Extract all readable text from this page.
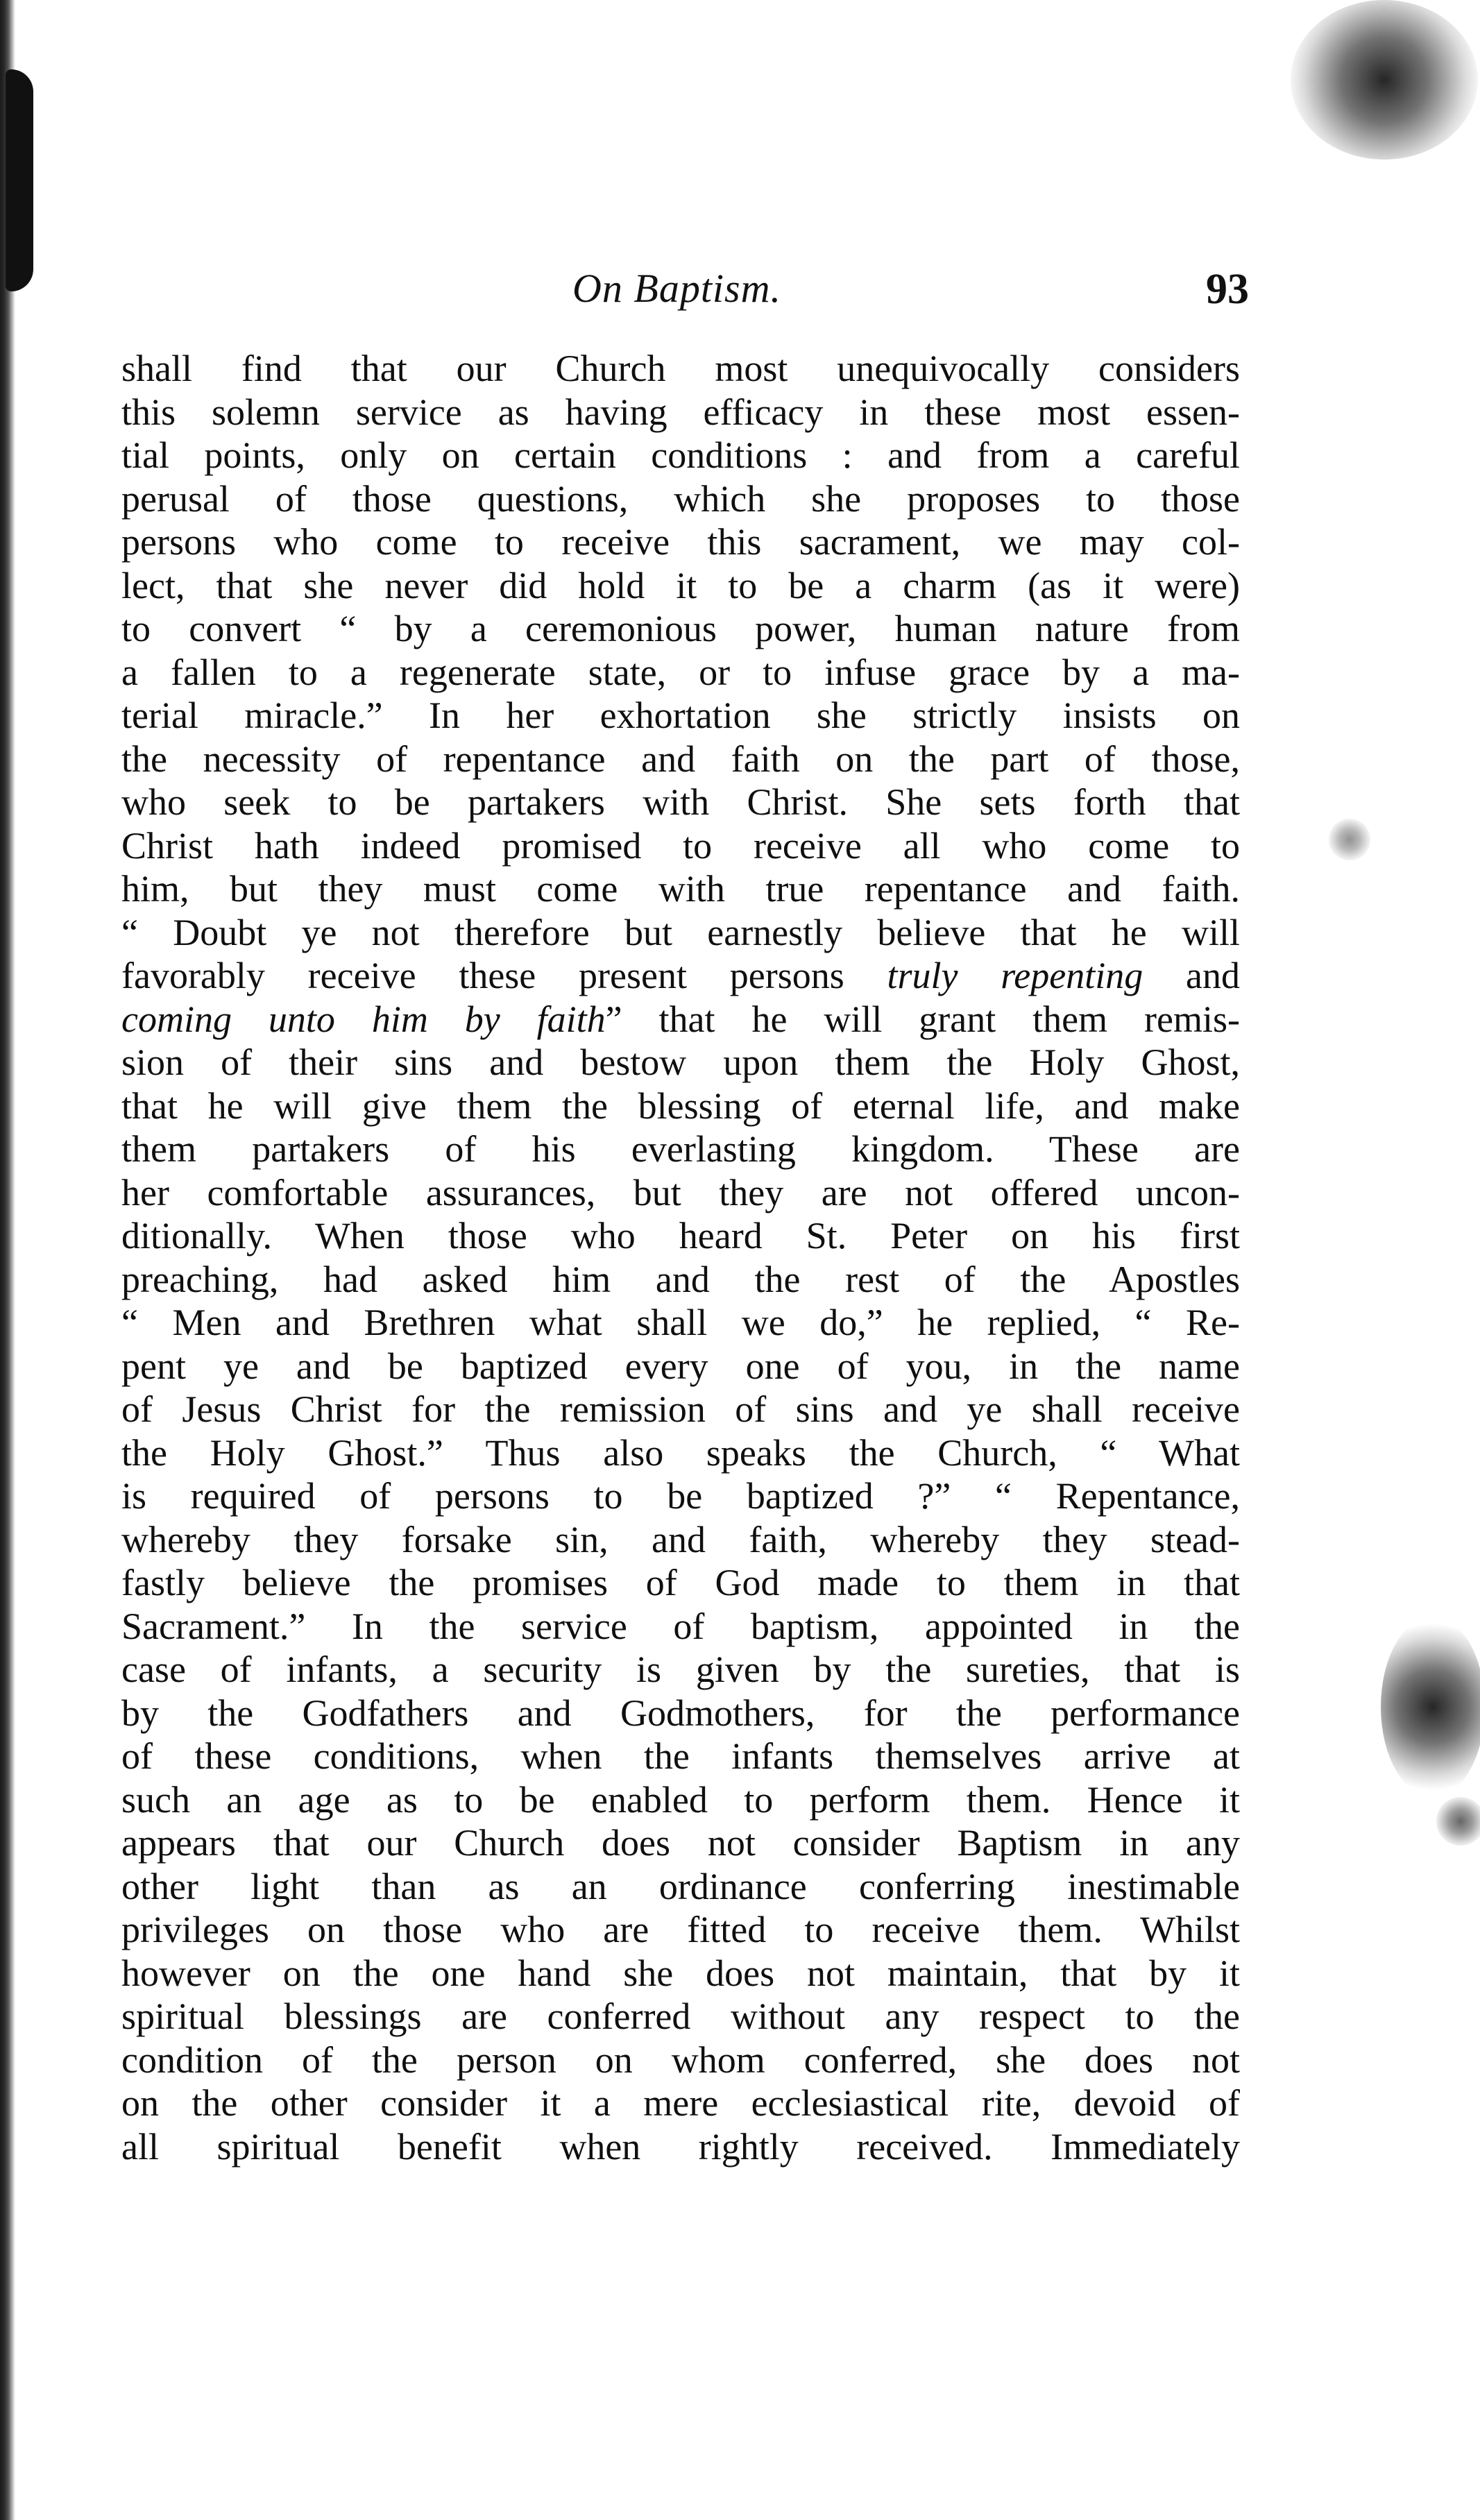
On Baptism.	93
shall find that our Church most unequivocally considers
this solemn service as having efficacy in these most essen-
tial points, only on certain conditions : and from a careful
perusal of those questions, which she proposes to those
persons who come to receive this sacrament, we may col-
lect, that she never did hold it to be a charm (as it were)
to convert “ by a ceremonious power, human nature from
a fallen to a regenerate state, or to infuse grace by a ma-
terial miracle.” In her exhortation she strictly insists on
the necessity of repentance and faith on the part of those,
who seek to be partakers with Christ. She sets forth that
Christ hath indeed promised to receive all who come to
him, but they must come with true repentance and faith.
“ Doubt ye not therefore but earnestly believe that he will
favorably receive these present persons truly repenting and
coming unto him by faith” that he will grant them remis-
sion of their sins and bestow upon them the Holy Ghost,
that he will give them the blessing of eternal life, and make
them partakers of his everlasting kingdom. These are
her comfortable assurances, but they are not offered uncon-
ditionally. When those who heard St. Peter on his first
preaching, had asked him and the rest of the Apostles
“ Men and Brethren what shall we do,” he replied, “ Re-
pent ye and be baptized every one of you, in the name
of Jesus Christ for the remission of sins and ye shall receive
the Holy Ghost.” Thus also speaks the Church, “ What
is required of persons to be baptized ?” “ Repentance,
whereby they forsake sin, and faith, whereby they stead-
fastly believe the promises of God made to them in that
Sacrament.” In the service of baptism, appointed in the
case of infants, a security is given by the sureties, that is
by the Godfathers and Godmothers, for the performance
of these conditions, when the infants themselves arrive at
such an age as to be enabled to perform them. Hence it
appears that our Church does not consider Baptism in any
other light than as an ordinance conferring inestimable
privileges on those who are fitted to receive them. Whilst
however on the one hand she does not maintain, that by it
spiritual blessings are conferred without any respect to the
condition of the person on whom conferred, she does not
on the other consider it a mere ecclesiastical rite, devoid of
all spiritual benefit when rightly received. Immediately
